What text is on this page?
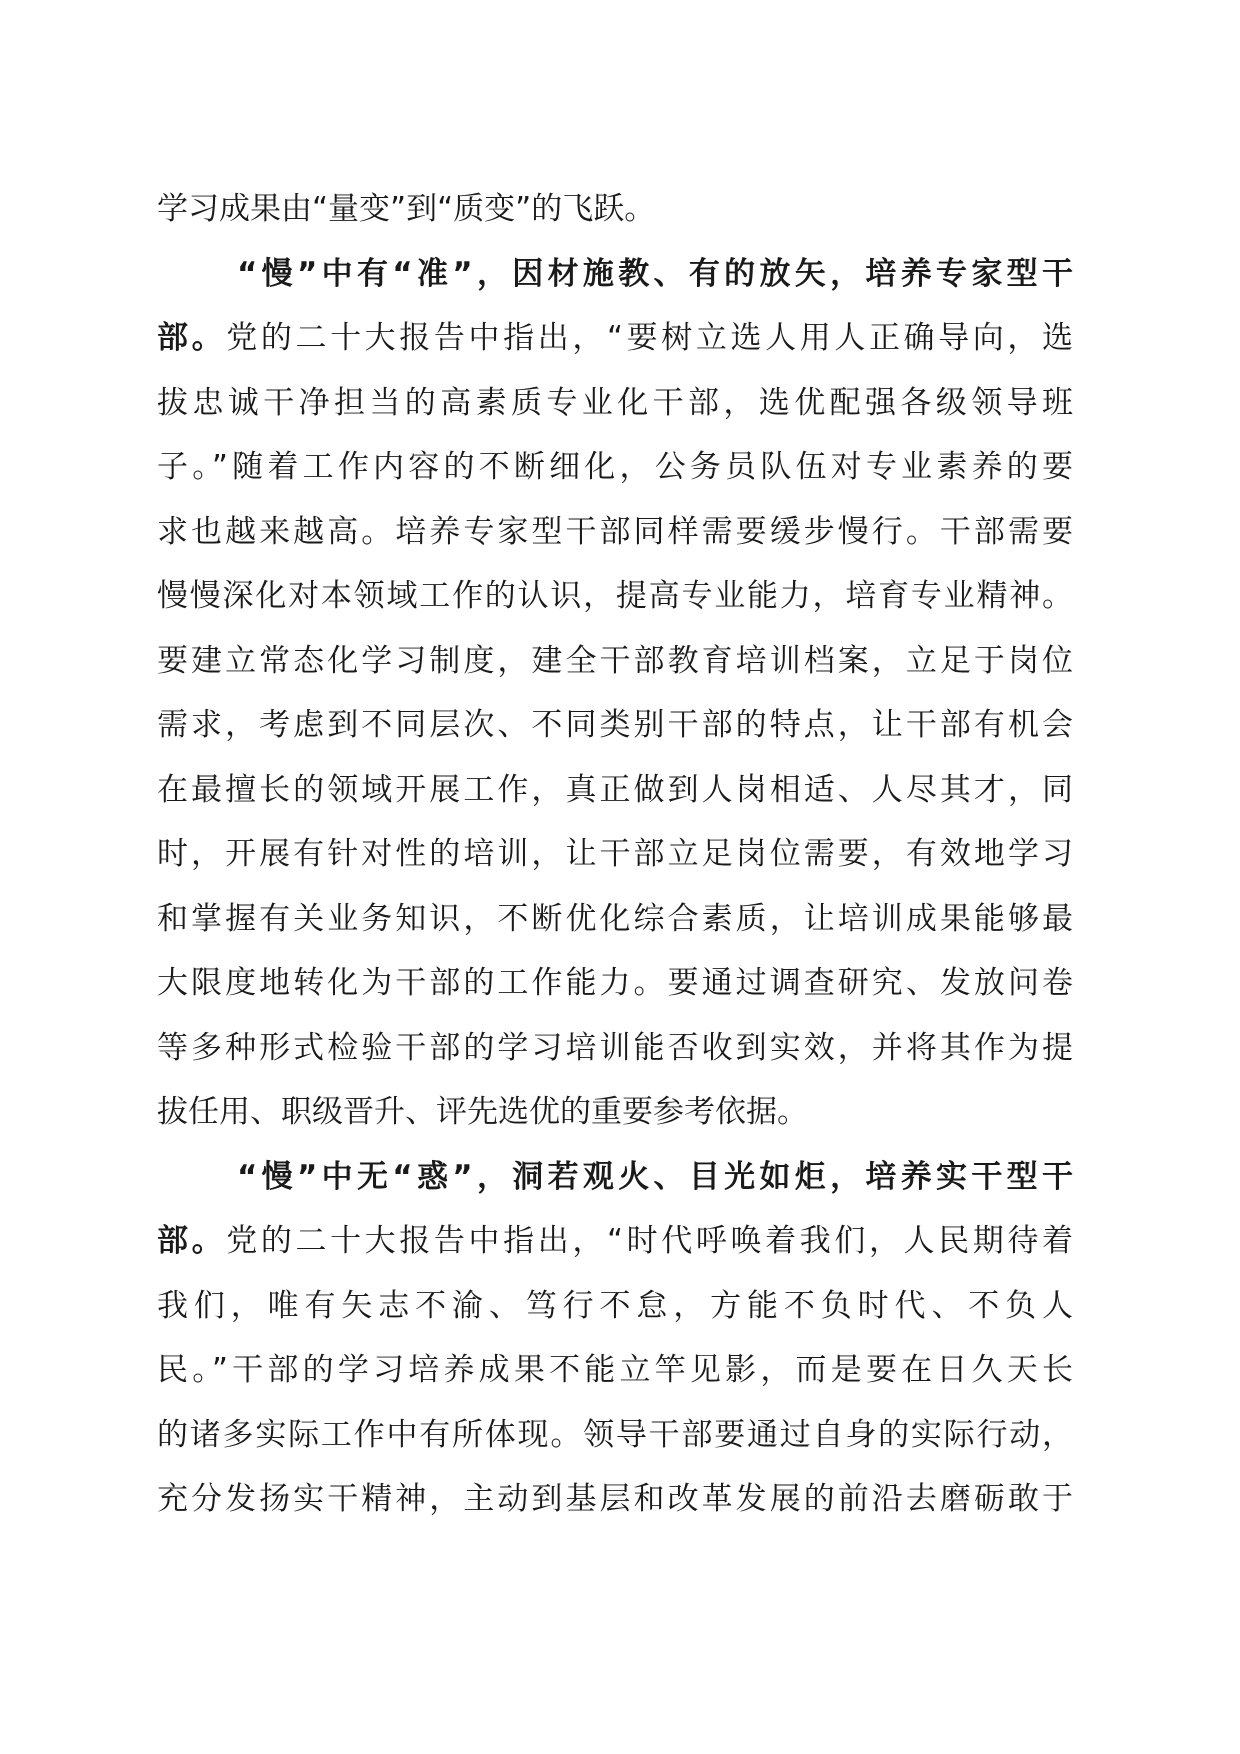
学习成果由“量变”到“质变”的飞跃。
“慢”中有“准”，因材施教、有的放矢，培养专家型干
部。党的二十大报告中指出，“要树立选人用人正确导向，选
拔忠诚干净担当的高素质专业化干部，选优配强各级领导班
子。”随着工作内容的不断细化，公务员队伍对专业素养的要
求也越来越高。培养专家型干部同样需要缓步慢行。干部需要
慢慢深化对本领域工作的认识，提高专业能力，培育专业精神。
要建立常态化学习制度，建全干部教育培训档案，立足于岗位
需求，考虑到不同层次、不同类别干部的特点，让干部有机会
在最擅长的领域开展工作，真正做到人岗相适、人尽其才，同
时，开展有针对性的培训，让干部立足岗位需要，有效地学习
和掌握有关业务知识，不断优化综合素质，让培训成果能够最
大限度地转化为干部的工作能力。要通过调查研究、发放问卷
等多种形式检验干部的学习培训能否收到实效，并将其作为提
拔任用、职级晋升、评先选优的重要参考依据。
“慢”中无“惑”，洞若观火、目光如炬，培养实干型干
部。党的二十大报告中指出，“时代呼唤着我们，人民期待着
我们，唯有矢志不渝、笃行不怠，方能不负时代、不负人
民。”干部的学习培养成果不能立竿见影，而是要在日久天长
的诸多实际工作中有所体现。领导干部要通过自身的实际行动，
充分发扬实干精神，主动到基层和改革发展的前沿去磨砺敢于
